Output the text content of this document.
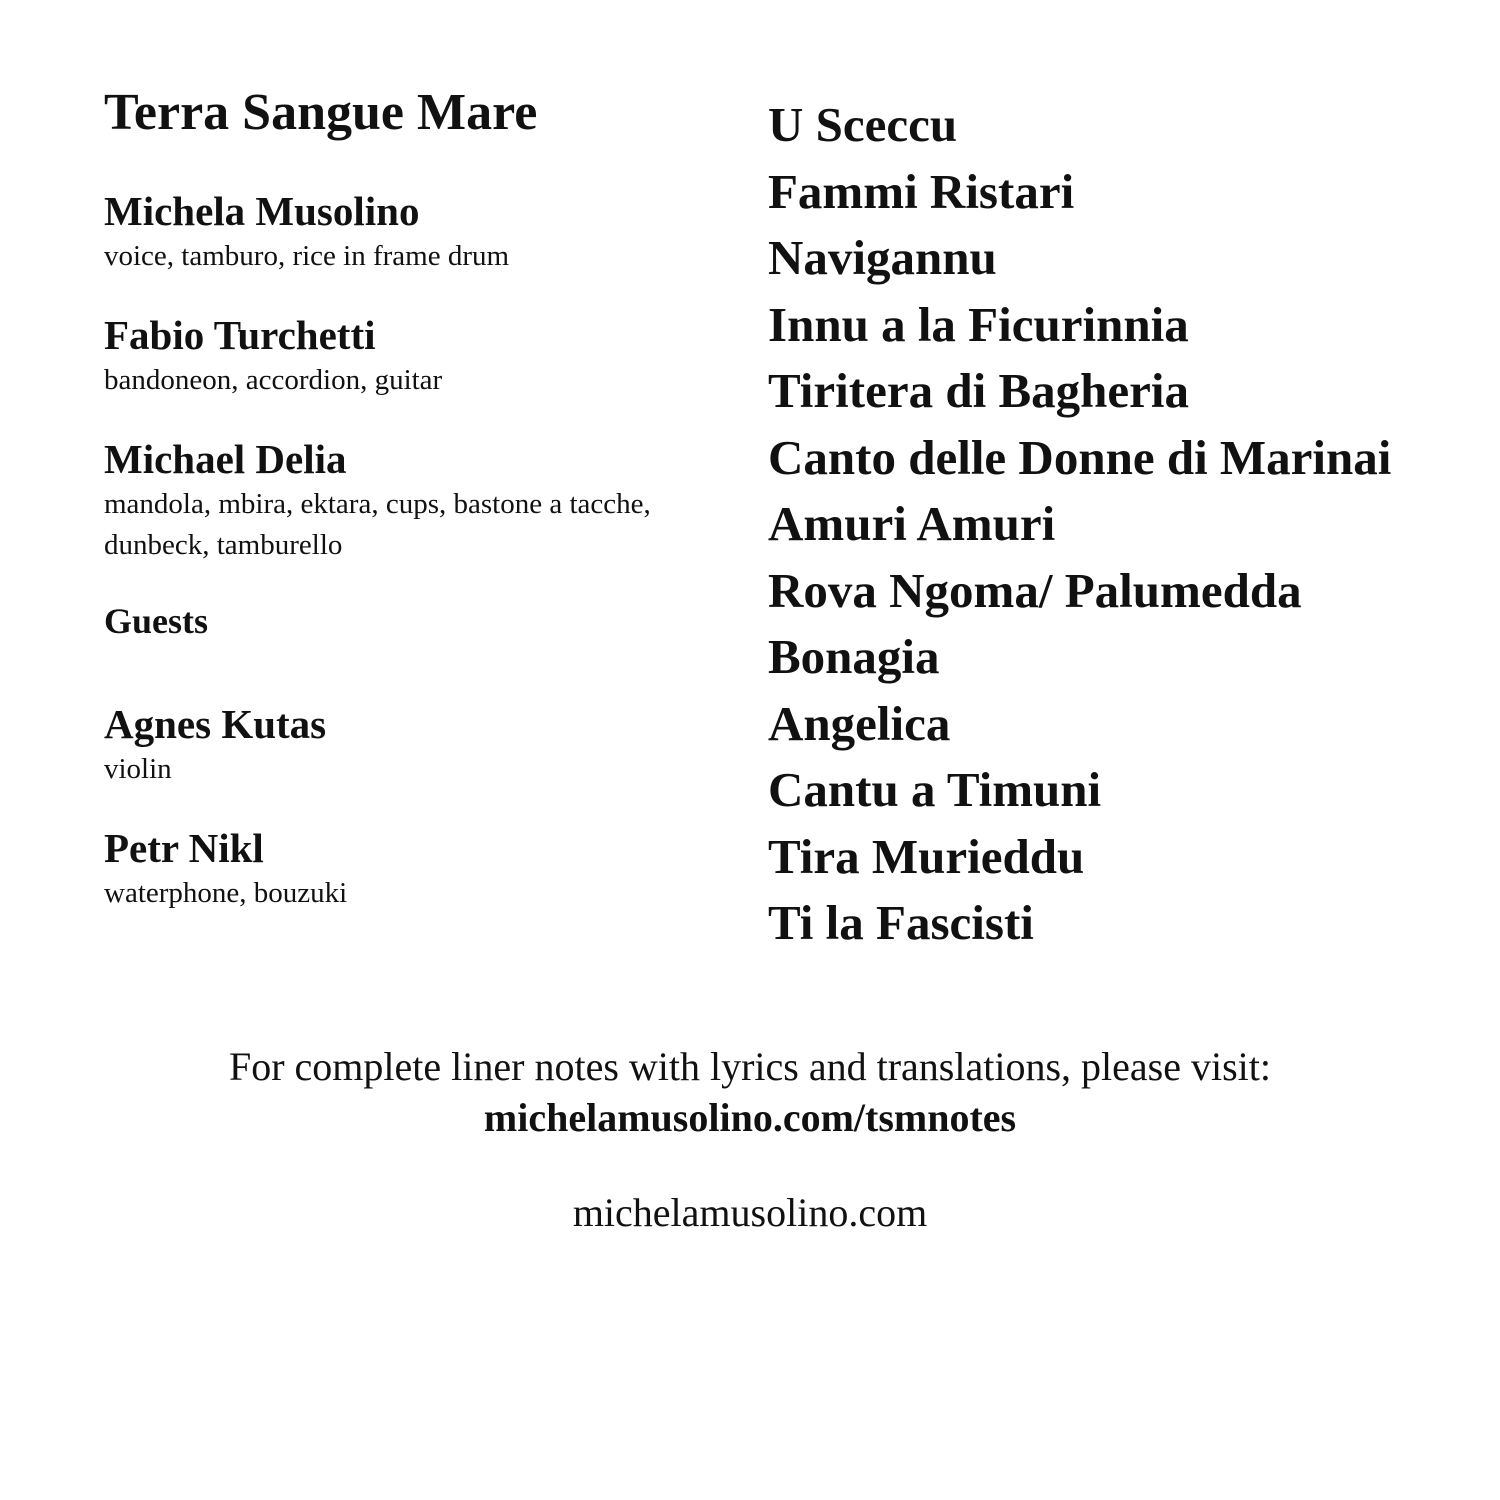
Terra Sangue Mare
Michela Musolino
voice, tamburo, rice in frame drum
Fabio Turchetti
bandoneon, accordion, guitar
Michael Delia
mandola, mbira, ektara, cups, bastone a tacche, dunbeck, tamburello
Guests
Agnes Kutas
violin
Petr Nikl
waterphone, bouzuki
U Sceccu
Fammi Ristari
Navigannu
Innu a la Ficurinnia
Tiritera di Bagheria
Canto delle Donne di Marinai
Amuri Amuri
Rova Ngoma/ Palumedda
Bonagia
Angelica
Cantu a Timuni
Tira Murieddu
Ti la Fascisti
For complete liner notes with lyrics and translations, please visit:
michelamusolino.com/tsmnotes
michelamusolino.com
